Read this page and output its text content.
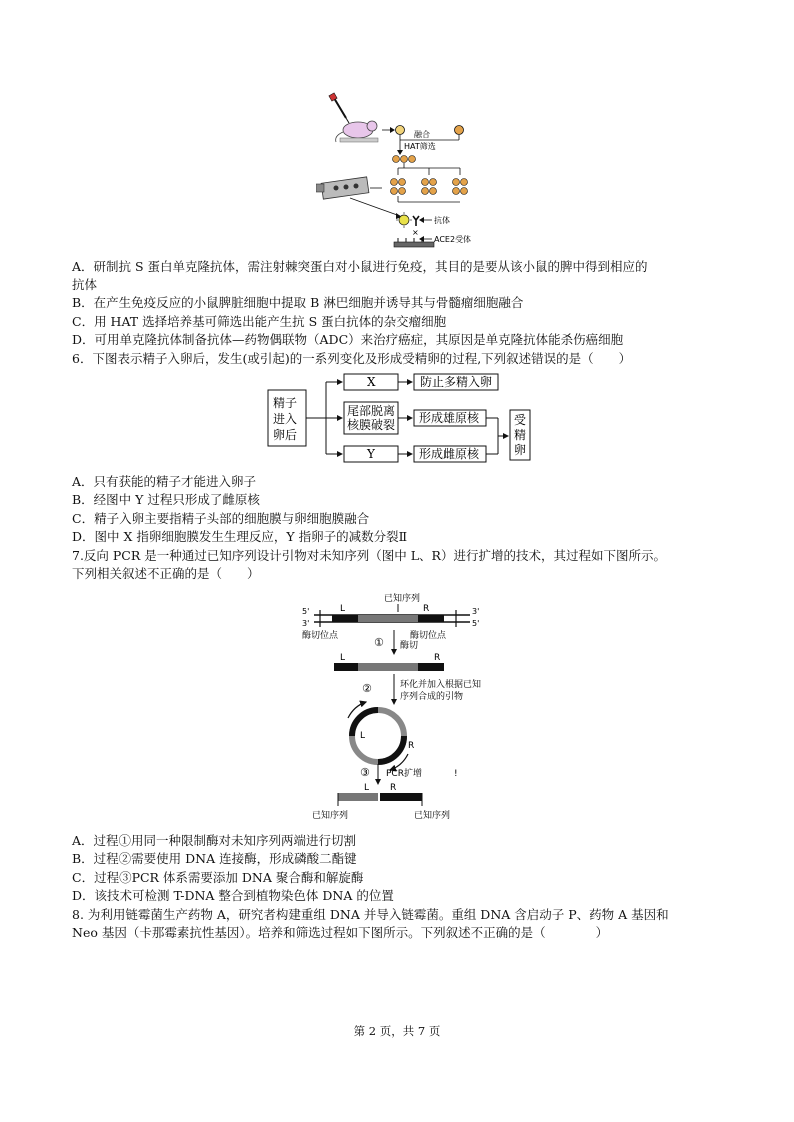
融合
HAT筛选
抗体
×
ACE2受体
A．研制抗 S 蛋白单克隆抗体，需注射棘突蛋白对小鼠进行免疫，其目的是要从该小鼠的脾中得到相应的
抗体
B．在产生免疫反应的小鼠脾脏细胞中提取 B 淋巴细胞并诱导其与骨髓瘤细胞融合
C．用 HAT 选择培养基可筛选出能产生抗 S 蛋白抗体的杂交瘤细胞
D．可用单克隆抗体制备抗体—药物偶联物（ADC）来治疗癌症，其原因是单克隆抗体能杀伤癌细胞
6．下图表示精子入卵后，发生(或引起)的一系列变化及形成受精卵的过程,下列叙述错误的是（　　）
精子
进入
卵后
X	防止多精入卵
尾部脱离
核膜破裂 形成雄原核
Y	形成雌原核
受
精
卵
A．只有获能的精子才能进入卵子
B．经图中 Y 过程只形成了雌原核
C．精子入卵主要指精子头部的细胞膜与卵细胞膜融合
D．图中 X 指卵细胞膜发生生理反应，Y 指卵子的减数分裂Ⅱ
7.反向 PCR 是一种通过已知序列设计引物对未知序列（图中 L、R）进行扩增的技术，其过程如下图所示。
下列相关叙述不正确的是（　　）
已知序列
L	R
5'
3'
3'
5'
酶切位点	酶切位点
① 酶切
L	R
②	环化并加入根据已知
序列合成的引物
L
R
③ PCR扩增	!
L R
已知序列	已知序列
A．过程①用同一种限制酶对未知序列两端进行切割
B．过程②需要使用 DNA 连接酶，形成磷酸二酯键
C．过程③PCR 体系需要添加 DNA 聚合酶和解旋酶
D．该技术可检测 T-DNA 整合到植物染色体 DNA 的位置
8. 为利用链霉菌生产药物 A，研究者构建重组 DNA 并导入链霉菌。重组 DNA 含启动子 P、药物 A 基因和
Neo 基因（卡那霉素抗性基因）。培养和筛选过程如下图所示。下列叙述不正确的是（　　　　）
第 2 页，共 7 页
